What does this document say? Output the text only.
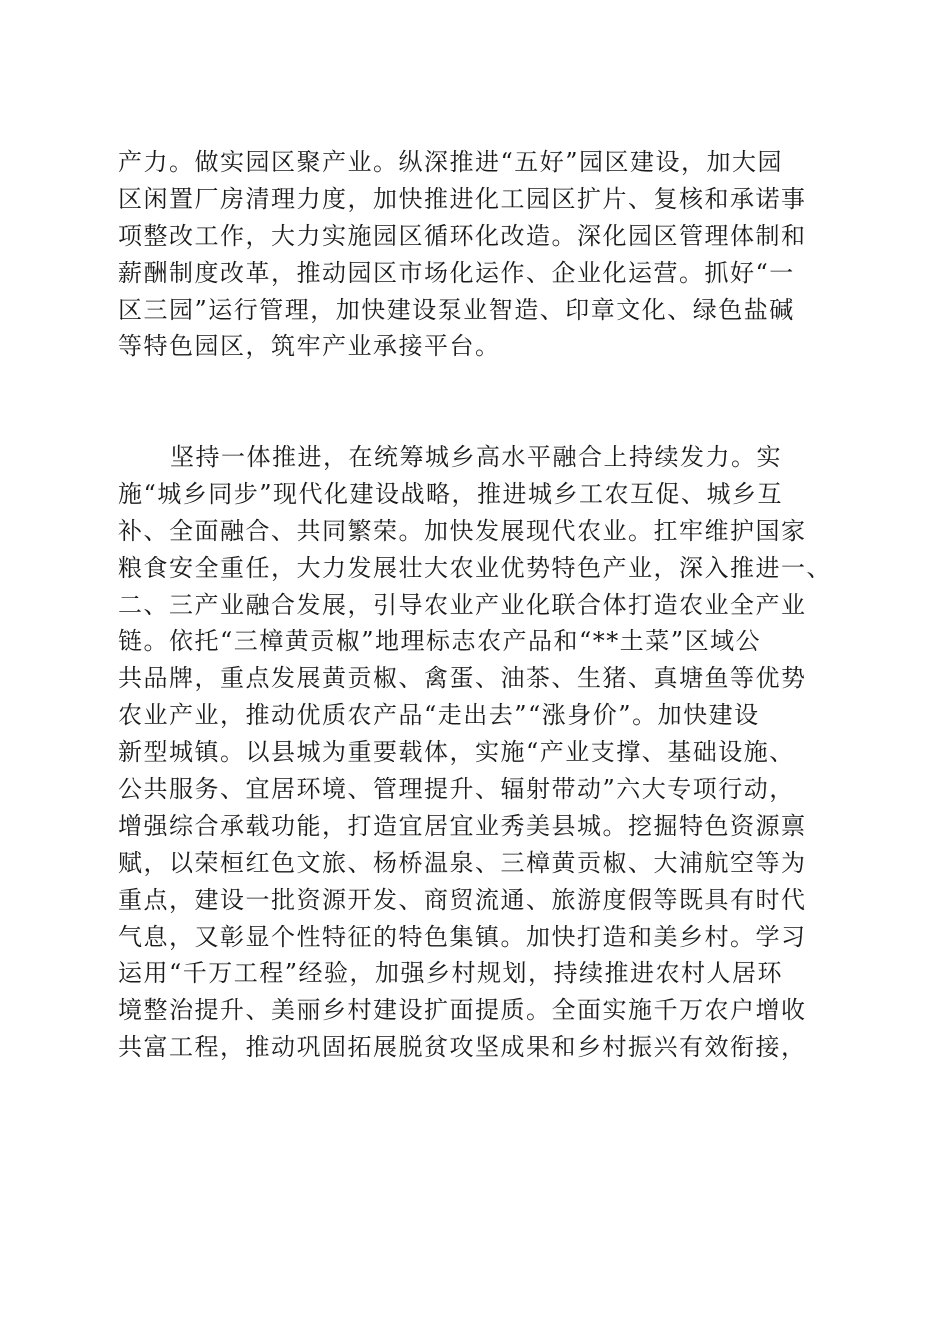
产力。做实园区聚产业。纵深推进“五好”园区建设，加大园
区闲置厂房清理力度，加快推进化工园区扩片、复核和承诺事
项整改工作，大力实施园区循环化改造。深化园区管理体制和
薪酬制度改革，推动园区市场化运作、企业化运营。抓好“一
区三园”运行管理，加快建设泵业智造、印章文化、绿色盐碱
等特色园区，筑牢产业承接平台。
坚持一体推进，在统筹城乡高水平融合上持续发力。实
施“城乡同步”现代化建设战略，推进城乡工农互促、城乡互
补、全面融合、共同繁荣。加快发展现代农业。扛牢维护国家
粮食安全重任，大力发展壮大农业优势特色产业，深入推进一、
二、三产业融合发展，引导农业产业化联合体打造农业全产业
链。依托“三樟黄贡椒”地理标志农产品和“**土菜”区域公
共品牌，重点发展黄贡椒、禽蛋、油茶、生猪、真塘鱼等优势
农业产业，推动优质农产品“走出去”“涨身价”。加快建设
新型城镇。以县城为重要载体，实施“产业支撑、基础设施、
公共服务、宜居环境、管理提升、辐射带动”六大专项行动，
增强综合承载功能，打造宜居宜业秀美县城。挖掘特色资源禀
赋，以荣桓红色文旅、杨桥温泉、三樟黄贡椒、大浦航空等为
重点，建设一批资源开发、商贸流通、旅游度假等既具有时代
气息，又彰显个性特征的特色集镇。加快打造和美乡村。学习
运用“千万工程”经验，加强乡村规划，持续推进农村人居环
境整治提升、美丽乡村建设扩面提质。全面实施千万农户增收
共富工程，推动巩固拓展脱贫攻坚成果和乡村振兴有效衔接，
